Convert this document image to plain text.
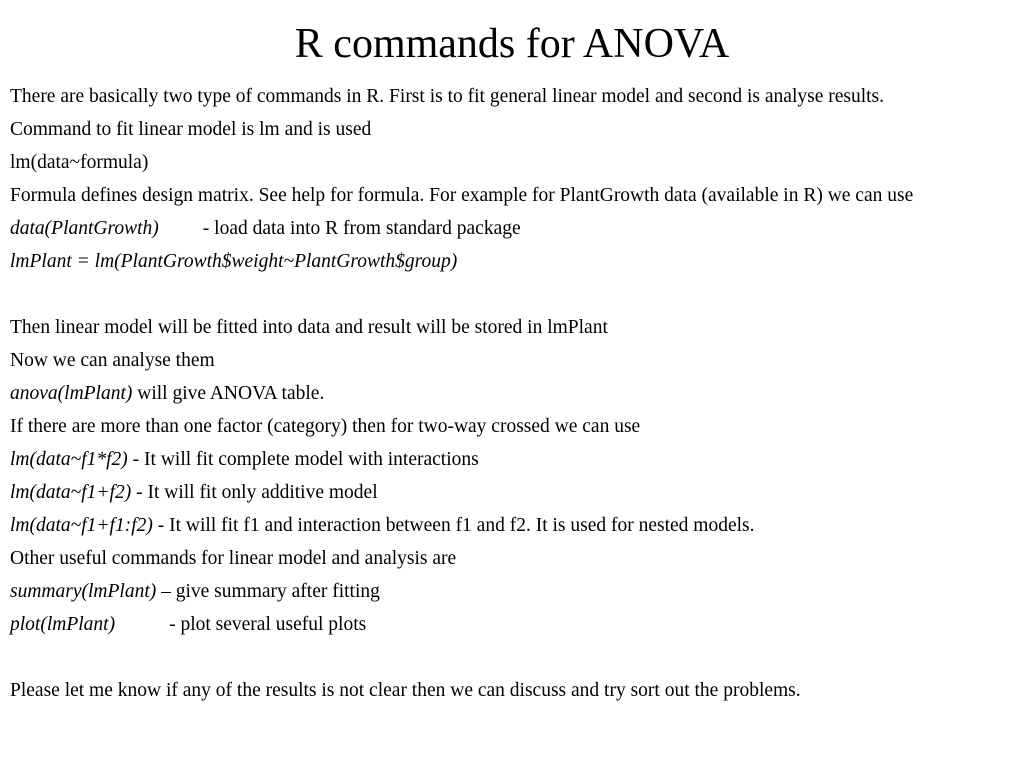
R commands for ANOVA

There are basically two type of commands in R. First is to fit general linear model and second is analyse results.

Command to fit linear model is lm and is used

lm(data~formula)

Formula defines design matrix. See help for formula. For example for PlantGrowth data (available in R) we can use

data(PlantGrowth) - load data into R from standard package

lmPlant = lm(PlantGrowth$weight~PlantGrowth$group)

Then linear model will be fitted into data and result will be stored in lmPlant

Now we can analyse them

anova(lmPlant) will give ANOVA table.

If there are more than one factor (category) then for two-way crossed we can use

lm(data~f1*f2) - It will fit complete model with interactions

lm(data~f1+f2) - It will fit only additive model

lm(data~f1+f1:f2) - It will fit f1 and interaction between f1 and f2. It is used for nested models.

Other useful commands for linear model and analysis are

summary(lmPlant) – give summary after fitting

plot(lmPlant)	- plot several useful plots

Please let me know if any of the results is not clear then we can discuss and try sort out the problems.
